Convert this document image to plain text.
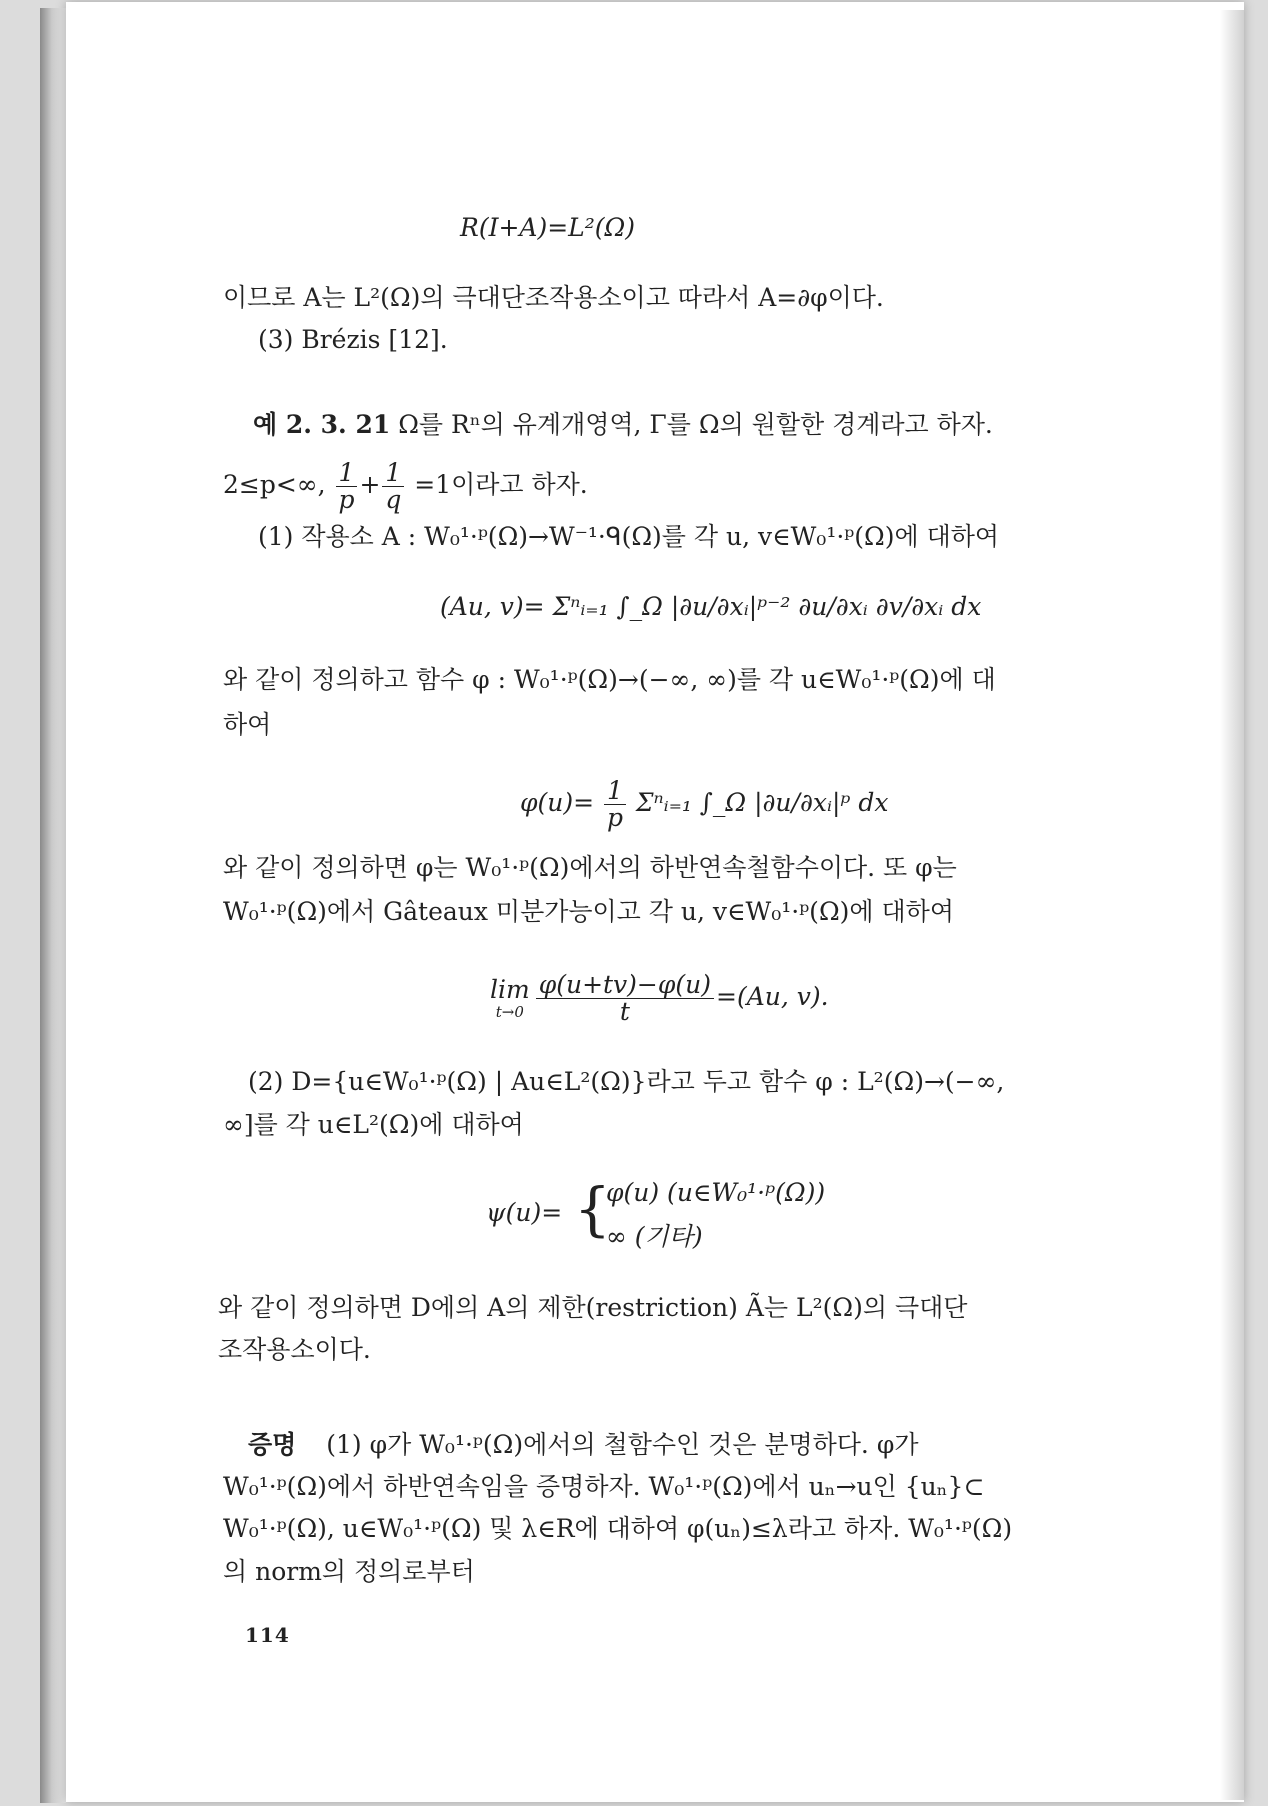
R(I+A)=L²(Ω)
이므로 A는 L²(Ω)의 극대단조작용소이고 따라서 A=∂φ이다.
(3) Brézis [12].
예 2. 3. 21 Ω를 Rⁿ의 유계개영역, Γ를 Ω의 원할한 경계라고 하자.
2≤p<∞, $\frac{1}{p} + \frac{1}{q} =1$이라고 하자.
(1) 작용소 A : W₀¹·ᵖ(Ω)→W⁻¹·ᑫ(Ω)를 각 u, v∈W₀¹·ᵖ(Ω)에 대하여
(Au, v)= Σⁿᵢ₌₁ ∫_Ω |∂u/∂xᵢ|ᵖ⁻² ∂u/∂xᵢ ∂v/∂xᵢ dx
와 같이 정의하고 함수 φ : W₀¹·ᵖ(Ω)→(−∞, ∞)를 각 u∈W₀¹·ᵖ(Ω)에 대
하여
$\varphi(u)= \frac{1}{p}$ Σⁿᵢ₌₁ ∫_Ω |∂u/∂xᵢ|ᵖ dx
와 같이 정의하면 φ는 W₀¹·ᵖ(Ω)에서의 하반연속철함수이다. 또 φ는
W₀¹·ᵖ(Ω)에서 Gâteaux 미분가능이고 각 u, v∈W₀¹·ᵖ(Ω)에 대하여
lim
$t\to 0 \frac{\varphi(u+tv)-\varphi(u)}{t} =(Au$, v).
(2) D={u∈W₀¹·ᵖ(Ω) | Au∈L²(Ω)}라고 두고 함수 φ : L²(Ω)→(−∞,
∞]를 각 u∈L²(Ω)에 대하여
ψ(u)= {
φ(u) (u∈W₀¹·ᵖ(Ω))
∞ (기타)
와 같이 정의하면 D에의 A의 제한(restriction) Ã는 L²(Ω)의 극대단
조작용소이다.
증명 (1) φ가 W₀¹·ᵖ(Ω)에서의 철함수인 것은 분명하다. φ가
W₀¹·ᵖ(Ω)에서 하반연속임을 증명하자. W₀¹·ᵖ(Ω)에서 uₙ→u인 {uₙ}⊂
W₀¹·ᵖ(Ω), u∈W₀¹·ᵖ(Ω) 및 λ∈R에 대하여 φ(uₙ)≤λ라고 하자. W₀¹·ᵖ(Ω)
의 norm의 정의로부터
114
